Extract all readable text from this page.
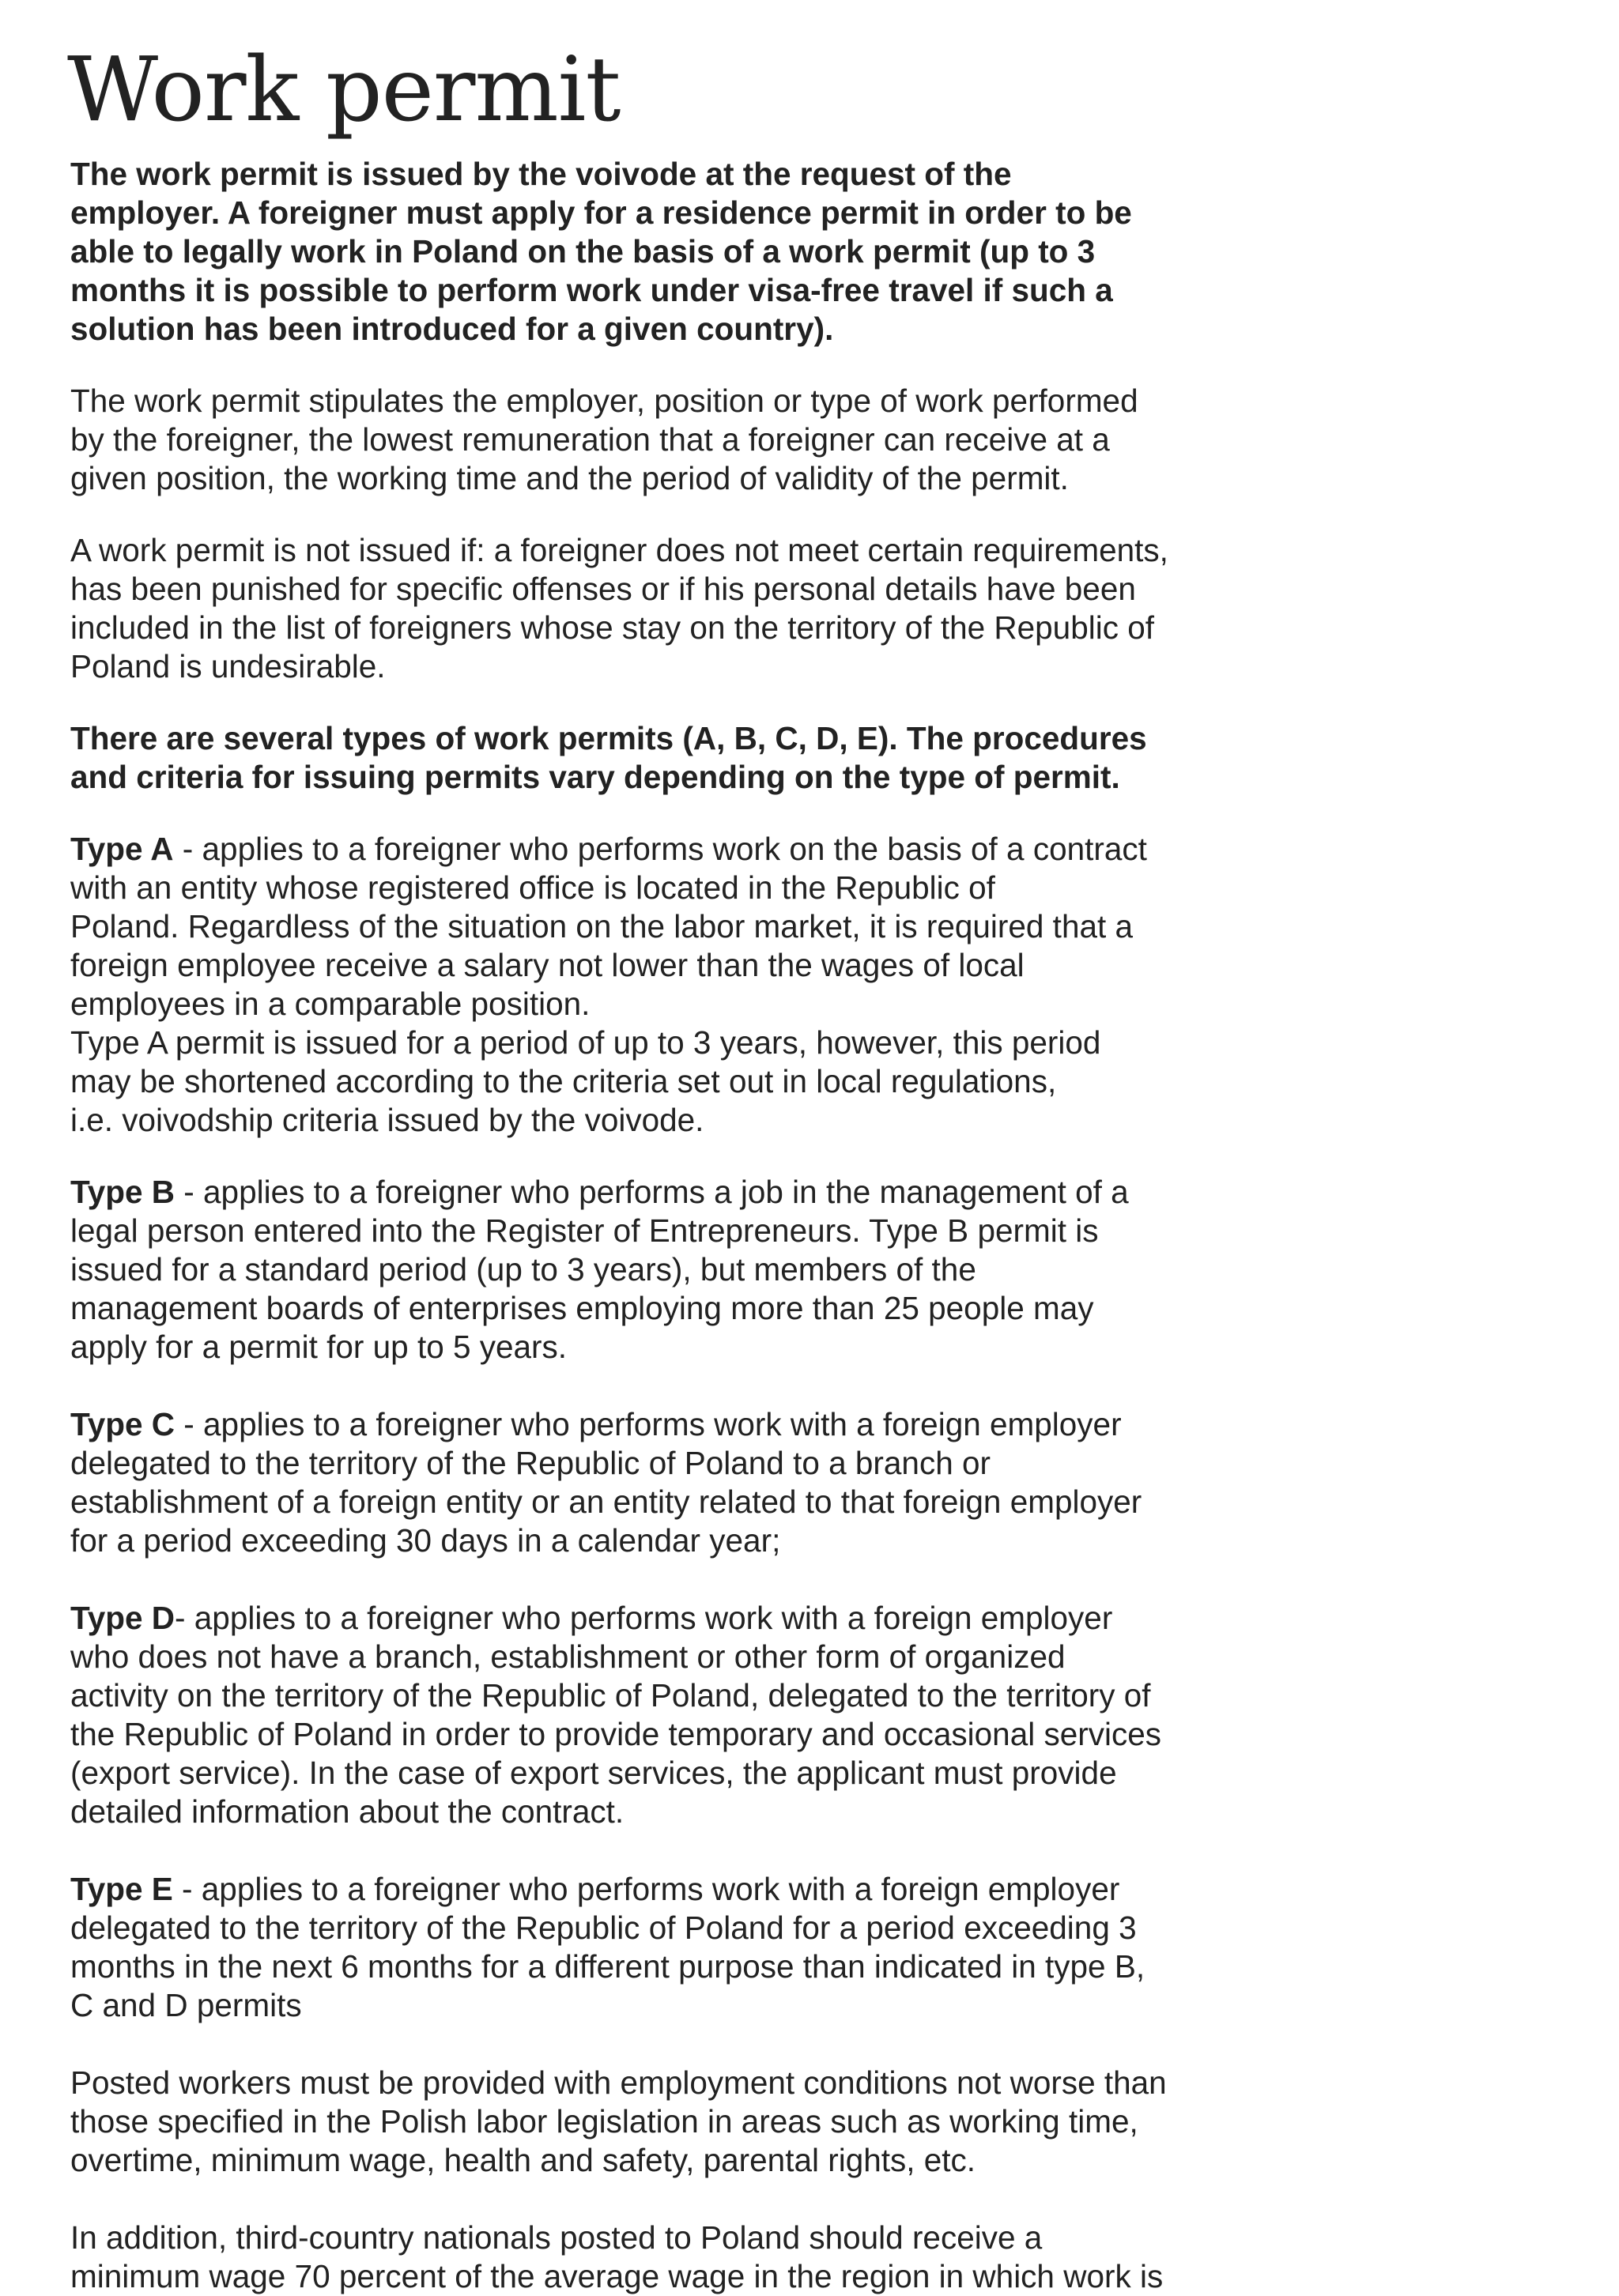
Work permit

The work permit is issued by the voivode at the request of the
employer. A foreigner must apply for a residence permit in order to be
able to legally work in Poland on the basis of a work permit (up to 3
months it is possible to perform work under visa-free travel if such a
solution has been introduced for a given country).

The work permit stipulates the employer, position or type of work performed
by the foreigner, the lowest remuneration that a foreigner can receive at a
given position, the working time and the period of validity of the permit.

A work permit is not issued if: a foreigner does not meet certain requirements,
has been punished for specific offenses or if his personal details have been
included in the list of foreigners whose stay on the territory of the Republic of
Poland is undesirable.

There are several types of work permits (A, B, C, D, E). The procedures
and criteria for issuing permits vary depending on the type of permit.

Type A - applies to a foreigner who performs work on the basis of a contract
with an entity whose registered office is located in the Republic of
Poland. Regardless of the situation on the labor market, it is required that a
foreign employee receive a salary not lower than the wages of local
employees in a comparable position.
Type A permit is issued for a period of up to 3 years, however, this period
may be shortened according to the criteria set out in local regulations,
i.e. voivodship criteria issued by the voivode.

Type B - applies to a foreigner who performs a job in the management of a
legal person entered into the Register of Entrepreneurs. Type B permit is
issued for a standard period (up to 3 years), but members of the
management boards of enterprises employing more than 25 people may
apply for a permit for up to 5 years.

Type C - applies to a foreigner who performs work with a foreign employer
delegated to the territory of the Republic of Poland to a branch or
establishment of a foreign entity or an entity related to that foreign employer
for a period exceeding 30 days in a calendar year;

Type D- applies to a foreigner who performs work with a foreign employer
who does not have a branch, establishment or other form of organized
activity on the territory of the Republic of Poland, delegated to the territory of
the Republic of Poland in order to provide temporary and occasional services
(export service). In the case of export services, the applicant must provide
detailed information about the contract.

Type E - applies to a foreigner who performs work with a foreign employer
delegated to the territory of the Republic of Poland for a period exceeding 3
months in the next 6 months for a different purpose than indicated in type B,
C and D permits

Posted workers must be provided with employment conditions not worse than
those specified in the Polish labor legislation in areas such as working time,
overtime, minimum wage, health and safety, parental rights, etc.

In addition, third-country nationals posted to Poland should receive a
minimum wage 70 percent of the average wage in the region in which work is
